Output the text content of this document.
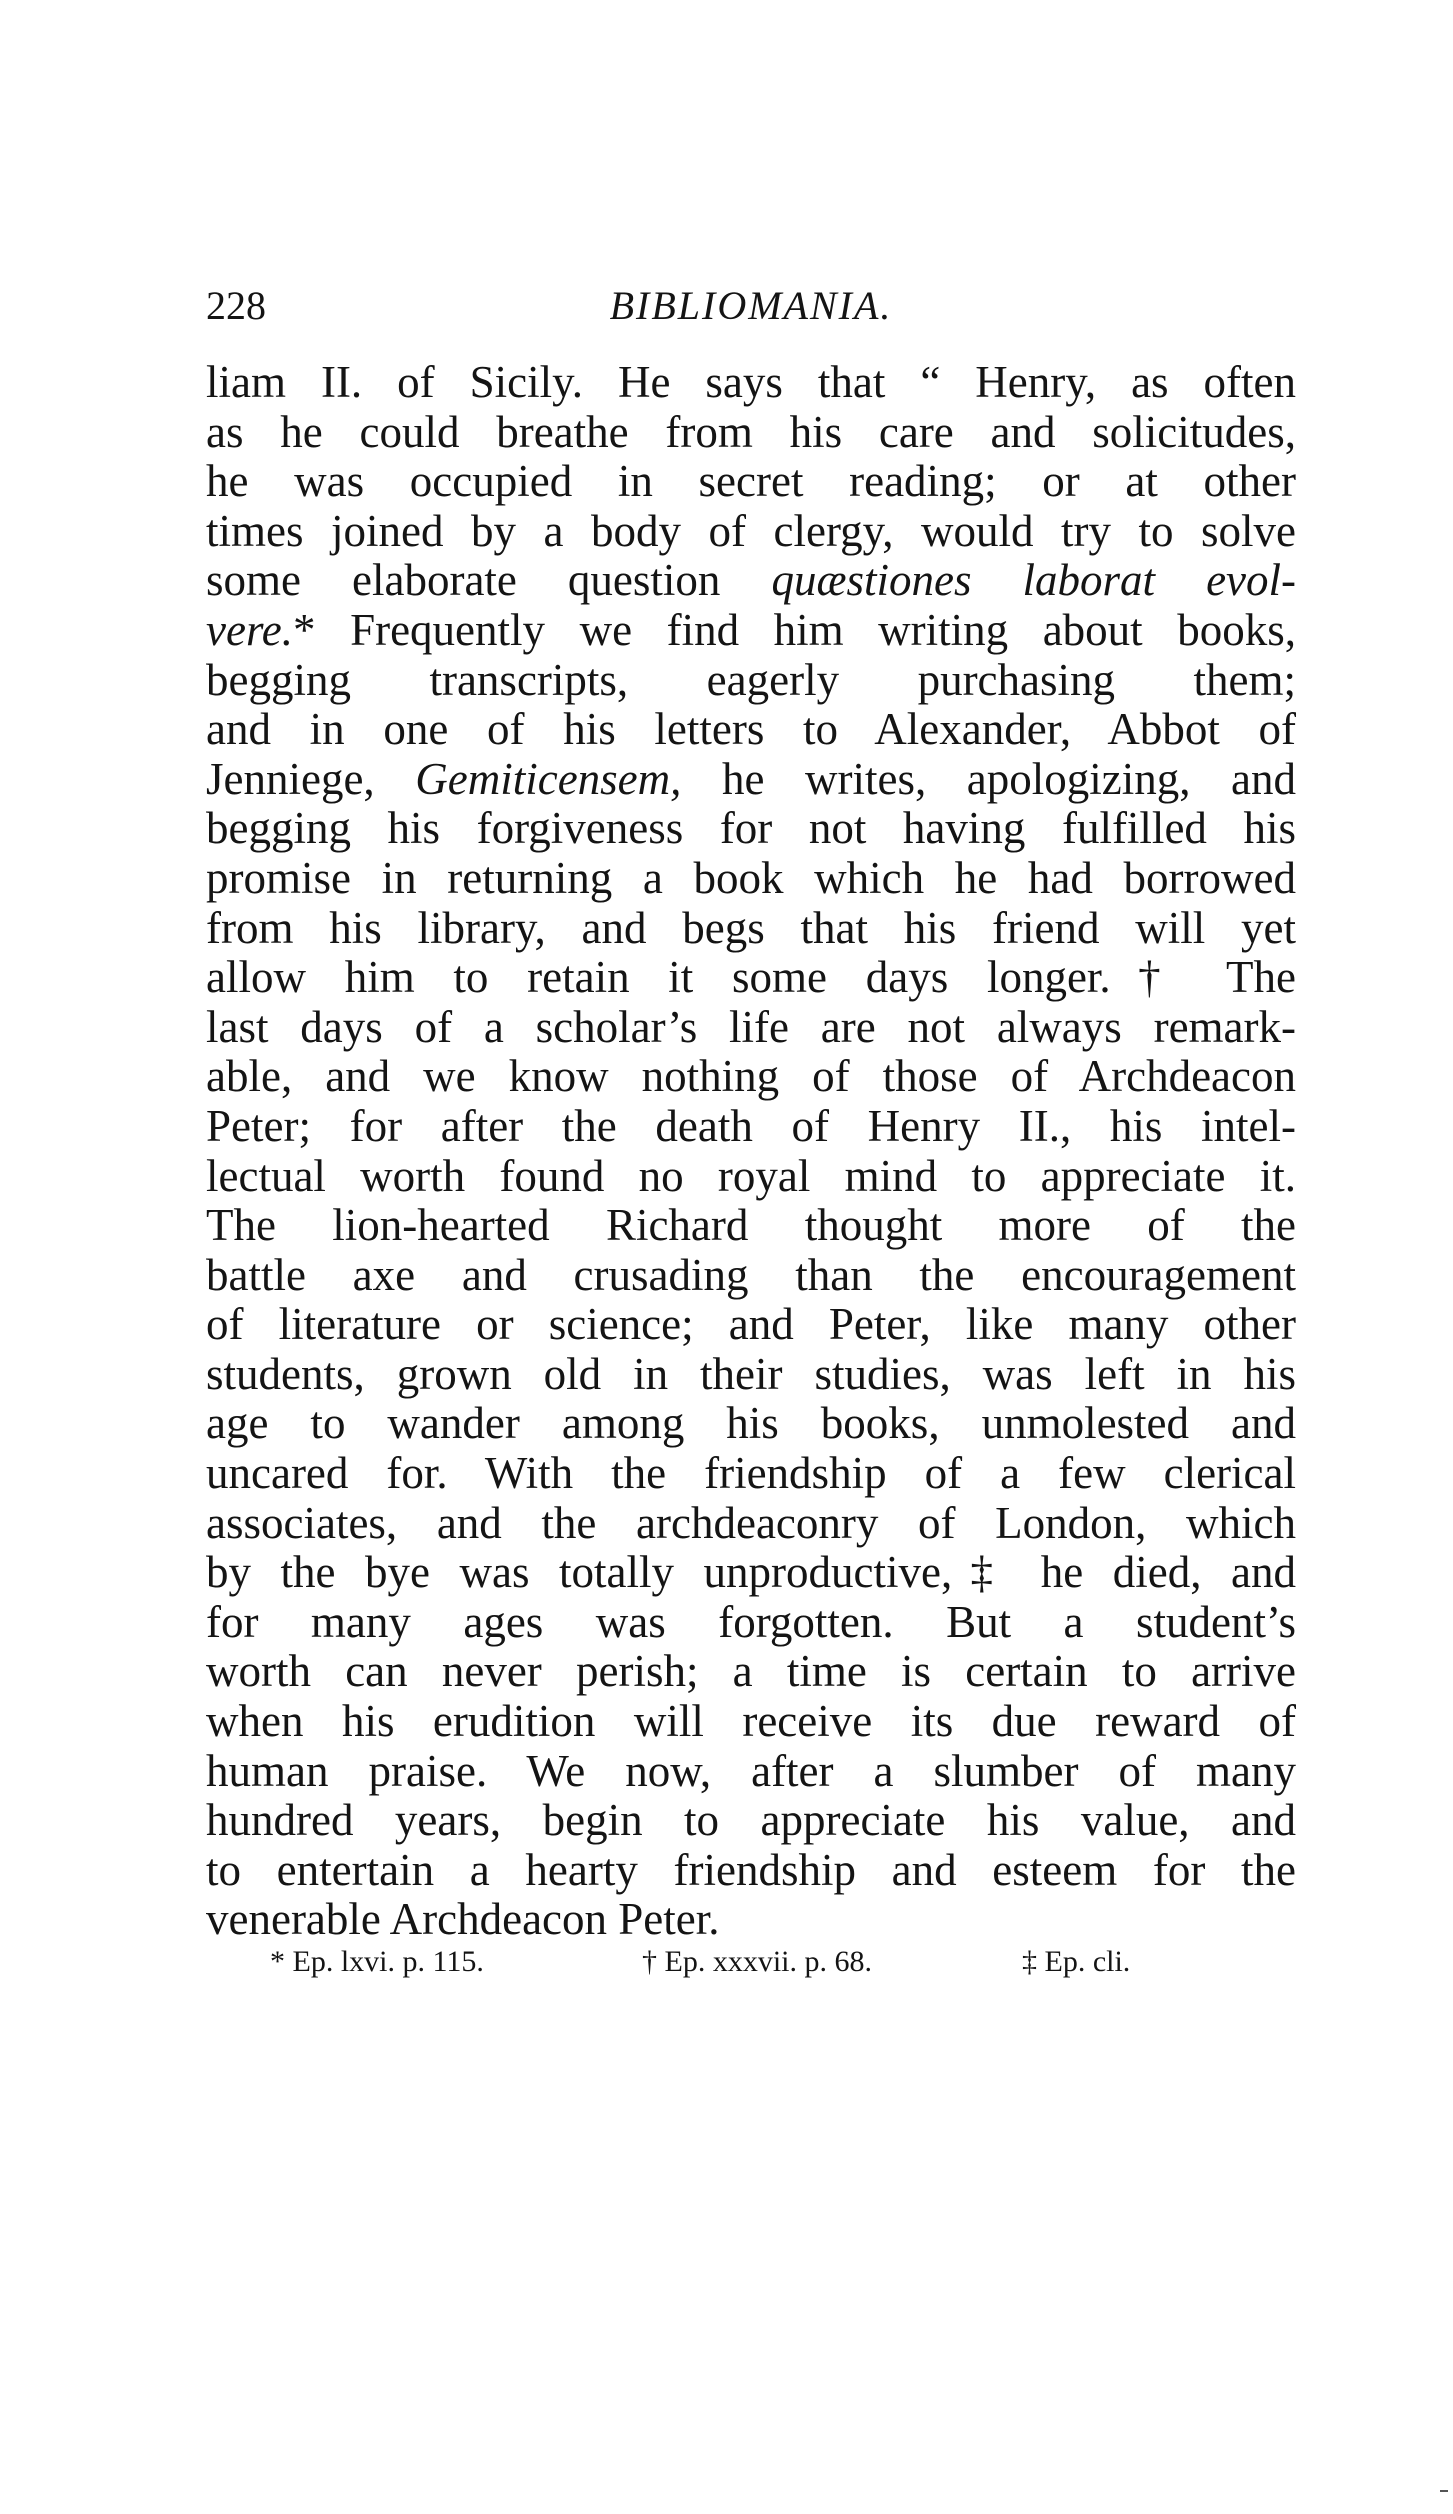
228	BIBLIOMANIA.
liam II. of Sicily. He says that “ Henry, as often
as he could breathe from his care and solicitudes,
he was occupied in secret reading; or at other
times joined by a body of clergy, would try to solve
some elaborate question quæstiones laborat evol-
vere.* Frequently we find him writing about books,
begging transcripts, eagerly purchasing them;
and in one of his letters to Alexander, Abbot of
Jenniege, Gemiticensem, he writes, apologizing, and
begging his forgiveness for not having fulfilled his
promise in returning a book which he had borrowed
from his library, and begs that his friend will yet
allow him to retain it some days longer.† The
last days of a scholar’s life are not always remark-
able, and we know nothing of those of Archdeacon
Peter; for after the death of Henry II., his intel-
lectual worth found no royal mind to appreciate it.
The lion-hearted Richard thought more of the
battle axe and crusading than the encouragement
of literature or science; and Peter, like many other
students, grown old in their studies, was left in his
age to wander among his books, unmolested and
uncared for. With the friendship of a few clerical
associates, and the archdeaconry of London, which
by the bye was totally unproductive,‡ he died, and
for many ages was forgotten. But a student’s
worth can never perish; a time is certain to arrive
when his erudition will receive its due reward of
human praise. We now, after a slumber of many
hundred years, begin to appreciate his value, and
to entertain a hearty friendship and esteem for the
venerable Archdeacon Peter.
* Ep. lxvi. p. 115.	† Ep. xxxvii. p. 68.	‡ Ep. cli.
